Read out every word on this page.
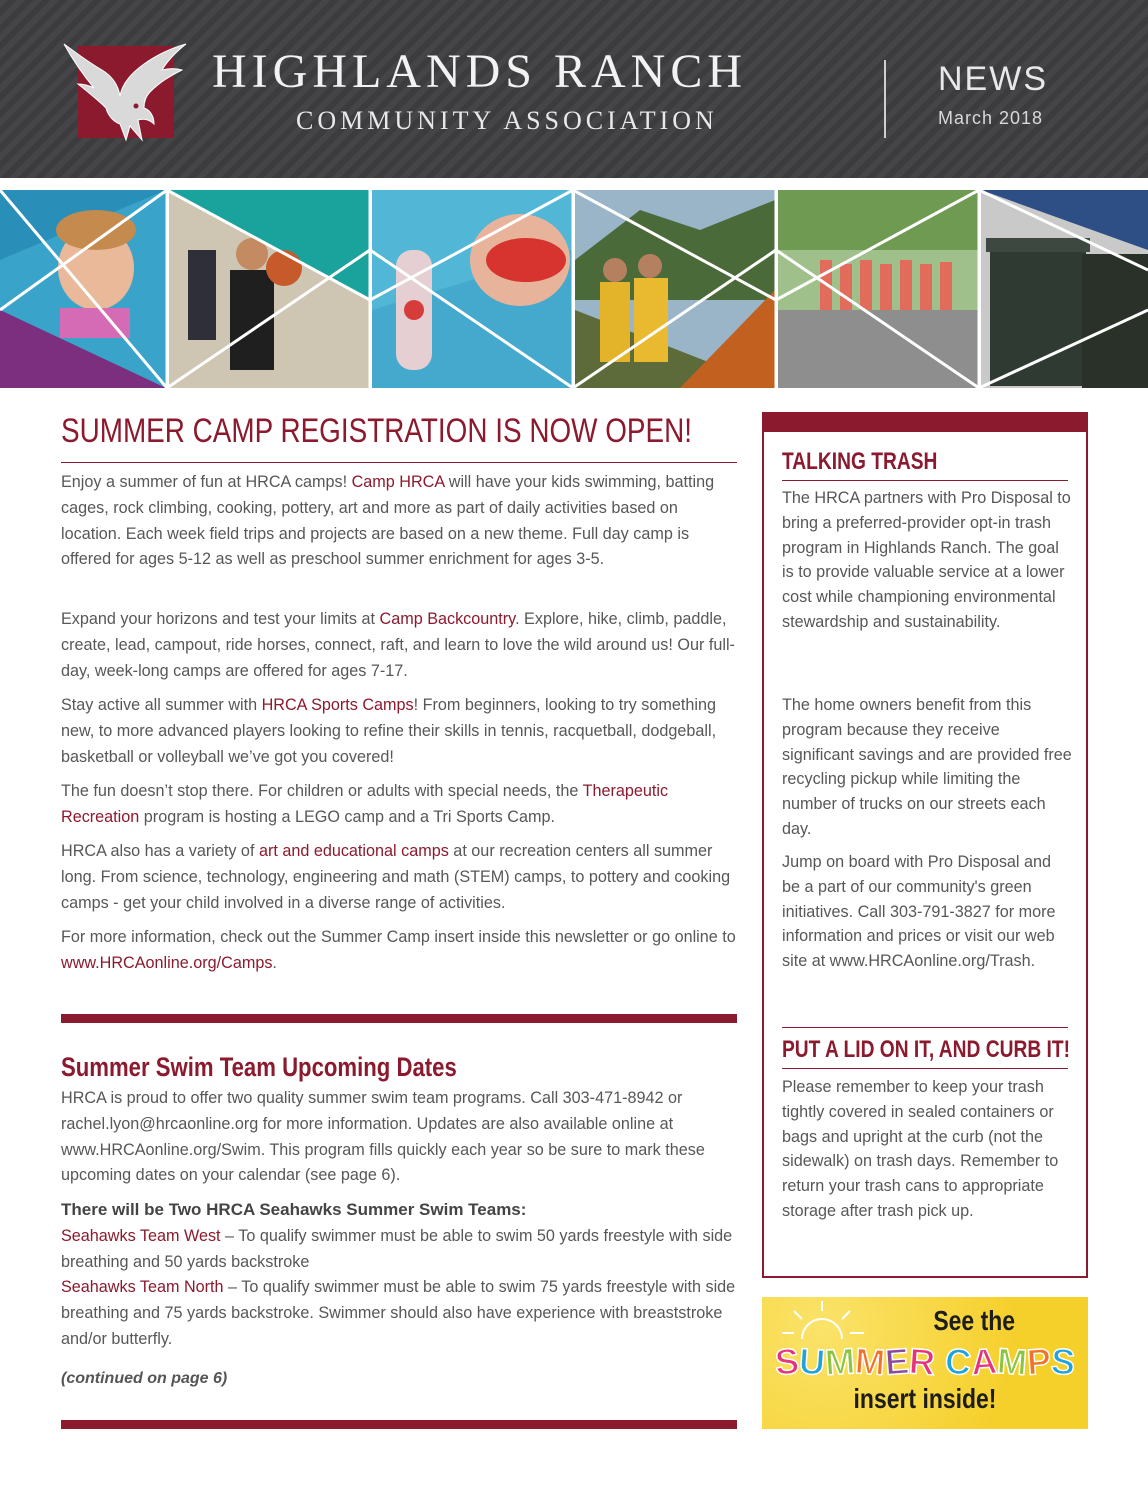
HIGHLANDS RANCH
COMMUNITY ASSOCIATION
NEWS
March 2018
SUMMER CAMP REGISTRATION IS NOW OPEN!

Enjoy a summer of fun at HRCA camps! Camp HRCA will have your kids swimming, batting cages, rock climbing, cooking, pottery, art and more as part of daily activities based on location. Each week field trips and projects are based on a new theme. Full day camp is offered for ages 5-12 as well as preschool summer enrichment for ages 3-5.

Expand your horizons and test your limits at Camp Backcountry. Explore, hike, climb, paddle, create, lead, campout, ride horses, connect, raft, and learn to love the wild around us! Our full-day, week-long camps are offered for ages 7-17.

Stay active all summer with HRCA Sports Camps! From beginners, looking to try something new, to more advanced players looking to refine their skills in tennis, racquetball, dodgeball, basketball or volleyball we’ve got you covered!

The fun doesn’t stop there. For children or adults with special needs, the Therapeutic Recreation program is hosting a LEGO camp and a Tri Sports Camp.

HRCA also has a variety of art and educational camps at our recreation centers all summer long. From science, technology, engineering and math (STEM) camps, to pottery and cooking camps - get your child involved in a diverse range of activities.

For more information, check out the Summer Camp insert inside this newsletter or go online to www.HRCAonline.org/Camps.

Summer Swim Team Upcoming Dates

HRCA is proud to offer two quality summer swim team programs. Call 303-471-8942 or rachel.lyon@hrcaonline.org for more information. Updates are also available online at www.HRCAonline.org/Swim. This program fills quickly each year so be sure to mark these upcoming dates on your calendar (see page 6).

There will be Two HRCA Seahawks Summer Swim Teams:

Seahawks Team West – To qualify swimmer must be able to swim 50 yards freestyle with side breathing and 50 yards backstroke

Seahawks Team North – To qualify swimmer must be able to swim 75 yards freestyle with side breathing and 75 yards backstroke. Swimmer should also have experience with breaststroke and/or butterfly.

(continued on page 6)
TALKING TRASH

The HRCA partners with Pro Disposal to bring a preferred-provider opt-in trash program in Highlands Ranch. The goal is to provide valuable service at a lower cost while championing environmental stewardship and sustainability.

The home owners benefit from this program because they receive significant savings and are provided free recycling pickup while limiting the number of trucks on our streets each day.

Jump on board with Pro Disposal and be a part of our community's green initiatives. Call 303-791-3827 for more information and prices or visit our web site at www.HRCAonline.org/Trash.

PUT A LID ON IT, AND CURB IT!

Please remember to keep your trash tightly covered in sealed containers or bags and upright at the curb (not the sidewalk) on trash days. Remember to return your trash cans to appropriate storage after trash pick up.

See the
SUMMER CAMPS
insert inside!
